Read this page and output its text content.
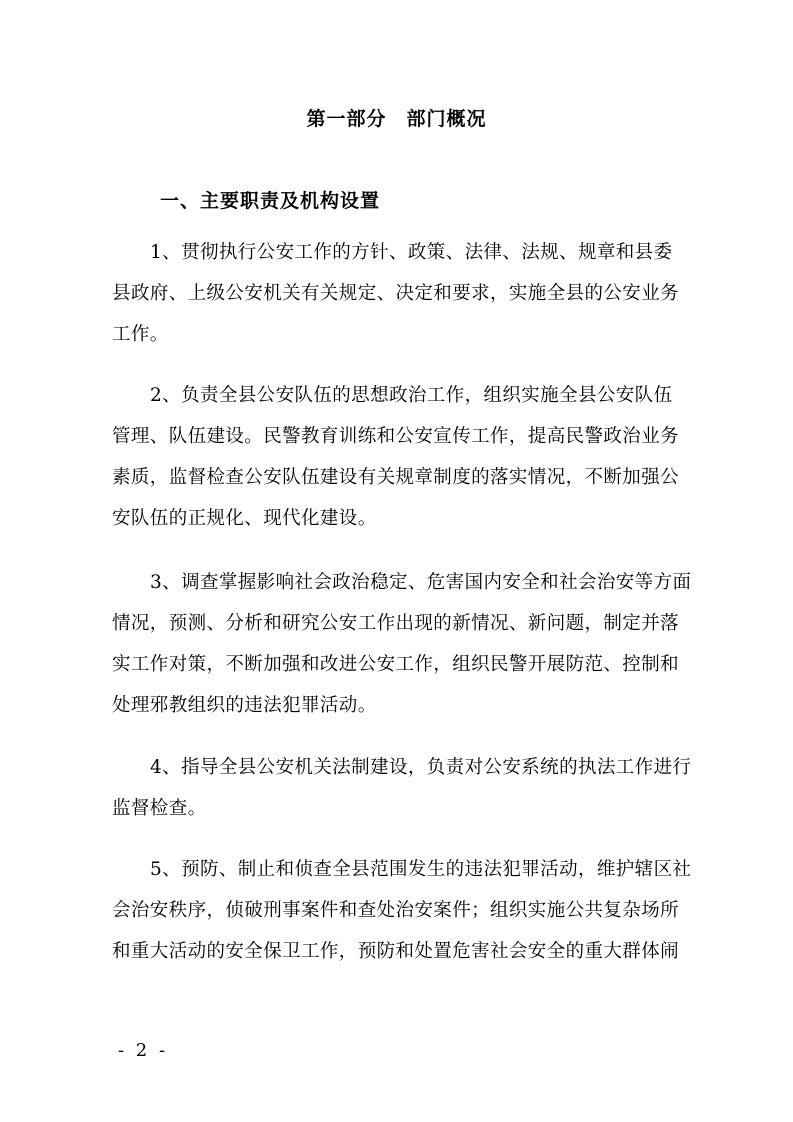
第一部分　部门概况
一、主要职责及机构设置
1、贯彻执行公安工作的方针、政策、法律、法规、规章和县委
县政府、上级公安机关有关规定、决定和要求，实施全县的公安业务
工作。
2、负责全县公安队伍的思想政治工作，组织实施全县公安队伍
管理、队伍建设。民警教育训练和公安宣传工作，提高民警政治业务
素质，监督检查公安队伍建设有关规章制度的落实情况，不断加强公
安队伍的正规化、现代化建设。
3、调查掌握影响社会政治稳定、危害国内安全和社会治安等方面
情况，预测、分析和研究公安工作出现的新情况、新问题，制定并落
实工作对策，不断加强和改进公安工作，组织民警开展防范、控制和
处理邪教组织的违法犯罪活动。
4、指导全县公安机关法制建设，负责对公安系统的执法工作进行
监督检查。
5、预防、制止和侦查全县范围发生的违法犯罪活动，维护辖区社
会治安秩序，侦破刑事案件和查处治安案件；组织实施公共复杂场所
和重大活动的安全保卫工作，预防和处置危害社会安全的重大群体闹
- 2 -
